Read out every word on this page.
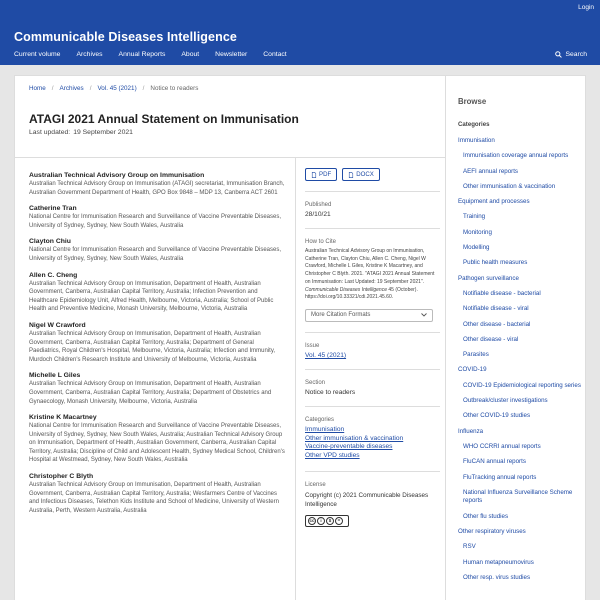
Login
Communicable Diseases Intelligence
Current volume Archives Annual Reports About Newsletter Contact	Search
Home / Archives / Vol. 45 (2021) / Notice to readers
ATAGI 2021 Annual Statement on Immunisation
Last updated: 19 September 2021
Australian Technical Advisory Group on Immunisation
Australian Technical Advisory Group on Immunisation (ATAGI) secretariat, Immunisation Branch, Australian Government Department of Health, GPO Box 9848 – MDP 13, Canberra ACT 2601
Catherine Tran
National Centre for Immunisation Research and Surveillance of Vaccine Preventable Diseases, University of Sydney, Sydney, New South Wales, Australia
Clayton Chiu
National Centre for Immunisation Research and Surveillance of Vaccine Preventable Diseases, University of Sydney, Sydney, New South Wales, Australia
Allen C. Cheng
Australian Technical Advisory Group on Immunisation, Department of Health, Australian Government, Canberra, Australian Capital Territory, Australia; Infection Prevention and Healthcare Epidemiology Unit, Alfred Health, Melbourne, Victoria, Australia; School of Public Health and Preventive Medicine, Monash University, Melbourne, Victoria, Australia
Nigel W Crawford
Australian Technical Advisory Group on Immunisation, Department of Health, Australian Government, Canberra, Australian Capital Territory, Australia; Department of General Paediatrics, Royal Children's Hospital, Melbourne, Victoria, Australia; Infection and Immunity, Murdoch Children's Research Institute and University of Melbourne, Victoria, Australia
Michelle L Giles
Australian Technical Advisory Group on Immunisation, Department of Health, Australian Government, Canberra, Australian Capital Territory, Australia; Department of Obstetrics and Gynaecology, Monash University, Melbourne, Victoria, Australia
Kristine K Macartney
National Centre for Immunisation Research and Surveillance of Vaccine Preventable Diseases, University of Sydney, Sydney, New South Wales, Australia; Australian Technical Advisory Group on Immunisation, Department of Health, Australian Government, Canberra, Australian Capital Territory, Australia; Discipline of Child and Adolescent Health, Sydney Medical School, Children's Hospital at Westmead, Sydney, New South Wales, Australia
Christopher C Blyth
Australian Technical Advisory Group on Immunisation, Department of Health, Australian Government, Canberra, Australian Capital Territory, Australia; Wesfarmers Centre of Vaccines and Infectious Diseases, Telethon Kids Institute and School of Medicine, University of Western Australia, Perth, Western Australia, Australia
PDF	DOCX
Published
28/10/21
How to Cite
Australian Technical Advisory Group on Immunisation, Catherine Tran, Clayton Chiu, Allen C. Cheng, Nigel W Crawford, Michelle L Giles, Kristine K Macartney, and Christopher C Blyth. 2021. "ATAGI 2021 Annual Statement on Immunisation: Last Updated: 19 September 2021". Communicable Diseases Intelligence 45 (October). https://doi.org/10.33321/cdi.2021.45.60.
More Citation Formats
Issue
Vol. 45 (2021)
Section
Notice to readers
Categories
Immunisation
Other immunisation & vaccination
Vaccine-preventable diseases
Other VPD studies
License
Copyright (c) 2021 Communicable Diseases Intelligence
cc	i	$	=
Browse
Categories
Immunisation
Immunisation coverage annual reports
AEFI annual reports
Other immunisation & vaccination
Equipment and processes
Training
Monitoring
Modelling
Public health measures
Pathogen surveillance
Notifiable disease - bacterial
Notifiable disease - viral
Other disease - bacterial
Other disease - viral
Parasites
COVID-19
COVID-19 Epidemiological reporting series
Outbreak/cluster investigations
Other COVID-19 studies
Influenza
WHO CCRRI annual reports
FluCAN annual reports
FluTracking annual reports
National Influenza Surveillance Scheme reports
Other flu studies
Other respiratory viruses
RSV
Human metapneumovirus
Other resp. virus studies
